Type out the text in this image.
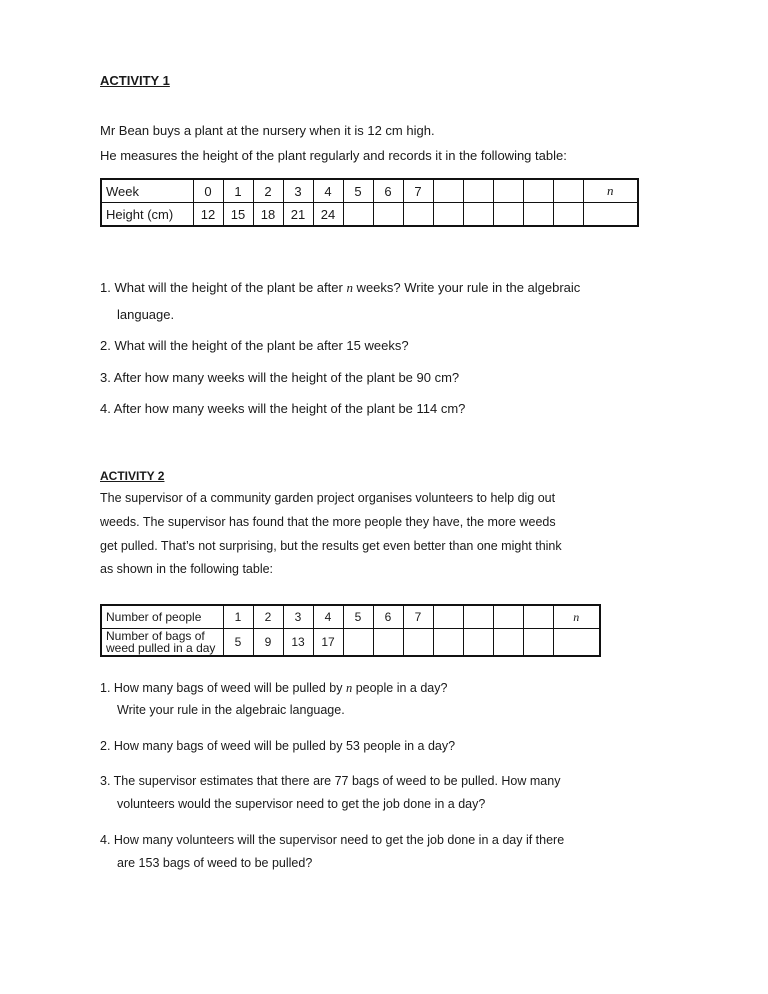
ACTIVITY 1
Mr Bean buys a plant at the nursery when it is 12 cm high.
He measures the height of the plant regularly and records it in the following table:
Week	0	1	2	3	4	5	6	7						n
Height (cm)	12	15	18	21	24									
1. What will the height of the plant be after n weeks? Write your rule in the algebraic
language.
2. What will the height of the plant be after 15 weeks?
3. After how many weeks will the height of the plant be 90 cm?
4. After how many weeks will the height of the plant be 114 cm?
ACTIVITY 2
The supervisor of a community garden project organises volunteers to help dig out
weeds. The supervisor has found that the more people they have, the more weeds
get pulled. That’s not surprising, but the results get even better than one might think
as shown in the following table:
Number of people	1	2	3	4	5	6	7					n
Number of bags of weed pulled in a day	5	9	13	17								
1. How many bags of weed will be pulled by n people in a day?
Write your rule in the algebraic language.
2. How many bags of weed will be pulled by 53 people in a day?
3. The supervisor estimates that there are 77 bags of weed to be pulled. How many
volunteers would the supervisor need to get the job done in a day?
4. How many volunteers will the supervisor need to get the job done in a day if there
are 153 bags of weed to be pulled?
